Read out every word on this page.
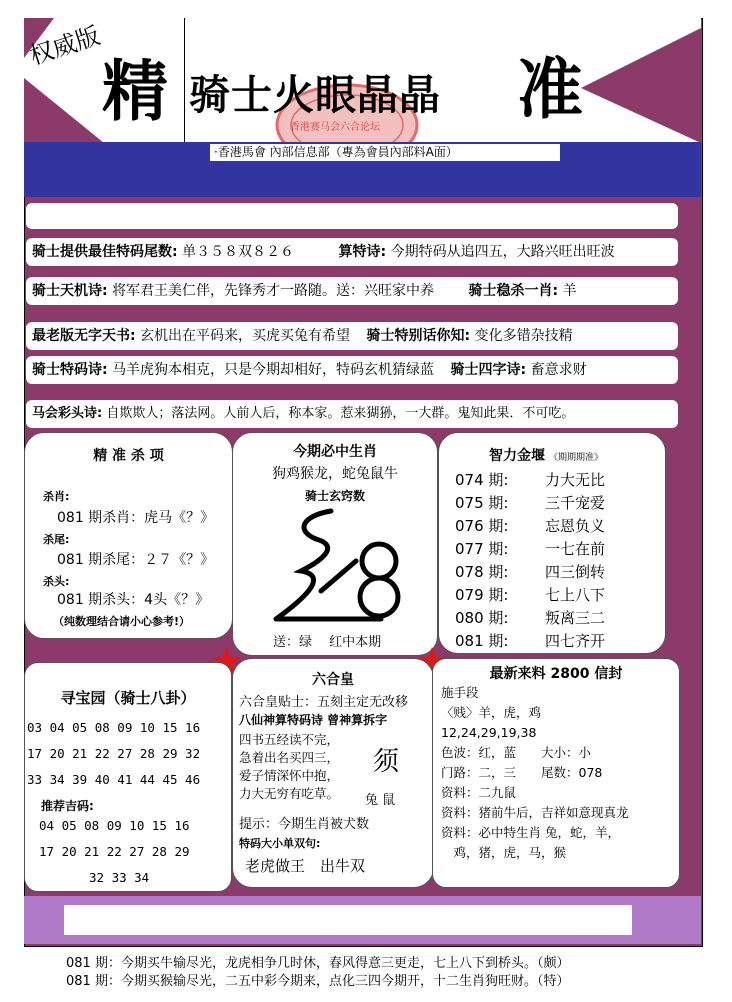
权威版
精	香港赛马会六合论坛
骑士火眼晶晶 准
·香港馬會 內部信息部（專為會員內部料A面）
骑士提供最佳特码尾数: 单３５８双８２６	算特诗: 今期特码从追四五，大路兴旺出旺波
骑士天机诗: 将军君王美仁伴，先锋秀才一路随。送：兴旺家中养 骑士稳杀一肖: 羊
最老版无字天书: 玄机出在平码来，买虎买兔有希望 骑士特别话你知: 变化多错杂技精
骑士特码诗: 马羊虎狗本相克，只是今期却相好，特码玄机猜绿蓝 骑士四字诗: 畜意求财
马会彩头诗: 自欺欺人；落法网。人前人后，称本家。惹来猢狲，一大群。鬼知此果．不可吃。
精 准 杀 项
杀肖:
081 期杀肖：虎马《？》
杀尾:
081 期杀尾：２７《？》
杀头:
081 期杀头：4头《？》
（纯数理结合请小心参考!）
今期必中生肖
狗鸡猴龙，蛇兔鼠牛
骑士玄窍数
送：绿　 红中本期
智力金堰 《期期期准》
074 期:	力大无比
075 期:	三千宠爱
076 期:	忘恩负义
077 期:	一七在前
078 期:	四三倒转
079 期:	七上八下
080 期:	叛离三二
081 期:	四七齐开
寻宝园（骑士八卦）
03 04 05 08 09 10 15 16
17 20 21 22 27 28 29 32
33 34 39 40 41 44 45 46
推荐吉码:
04 05 08 09 10 15 16
17 20 21 22 27 28 29
32 33 34
六合皇
六合皇贴士：五刻主定无改移
八仙神算特码诗 曾神算拆字
四书五经读不完，
急着出名买四三，
爱子情深怀中抱，
力大无穷有吃草。
须
兔 鼠
提示：今期生肖被犬数
特码大小单双句:
老虎做王　出牛双
最新来料 2800 信封
施手段
〈贱〉羊，虎，鸡
12,24,29,19,38
色波：红，蓝　　大小：小
门路：二，三　　尾数：078
资料：二九鼠
资料：猪前牛后，吉祥如意现真龙
资料：必中特生肖 兔，蛇，羊，
　鸡，猪，虎，马，猴
081 期：今期买牛输尽光，龙虎相争几时休，春风得意三更走，七上八下到桥头。（颇）
081 期：今期买猴输尽光，二五中彩今期来，点化三四今期开，十二生肖狗旺财。（特）
